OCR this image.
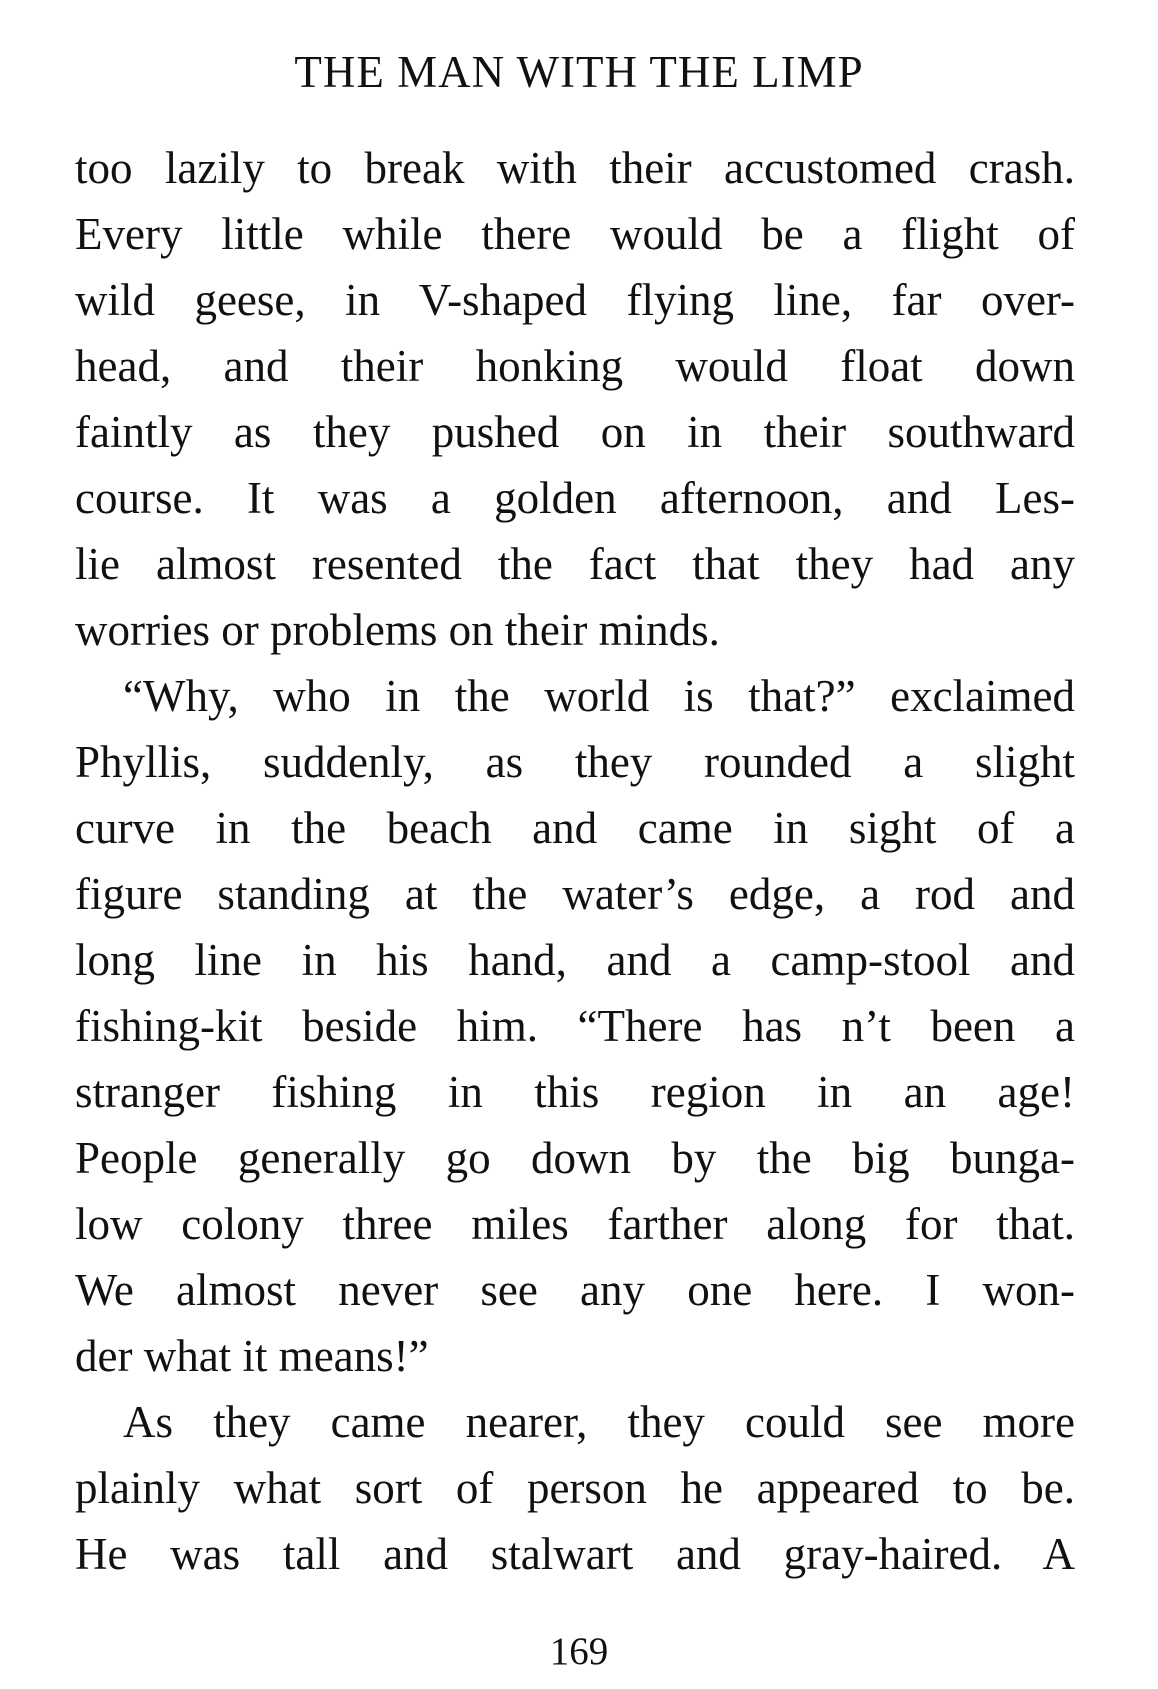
THE MAN WITH THE LIMP
too lazily to break with their accustomed crash.
Every little while there would be a flight of
wild geese, in V-shaped flying line, far over-
head, and their honking would float down
faintly as they pushed on in their southward
course. It was a golden afternoon, and Les-
lie almost resented the fact that they had any
worries or problems on their minds.
“Why, who in the world is that?” exclaimed
Phyllis, suddenly, as they rounded a slight
curve in the beach and came in sight of a
figure standing at the water’s edge, a rod and
long line in his hand, and a camp-stool and
fishing-kit beside him. “There has n’t been a
stranger fishing in this region in an age!
People generally go down by the big bunga-
low colony three miles farther along for that.
We almost never see any one here. I won-
der what it means!”
As they came nearer, they could see more
plainly what sort of person he appeared to be.
He was tall and stalwart and gray-haired. A
169
